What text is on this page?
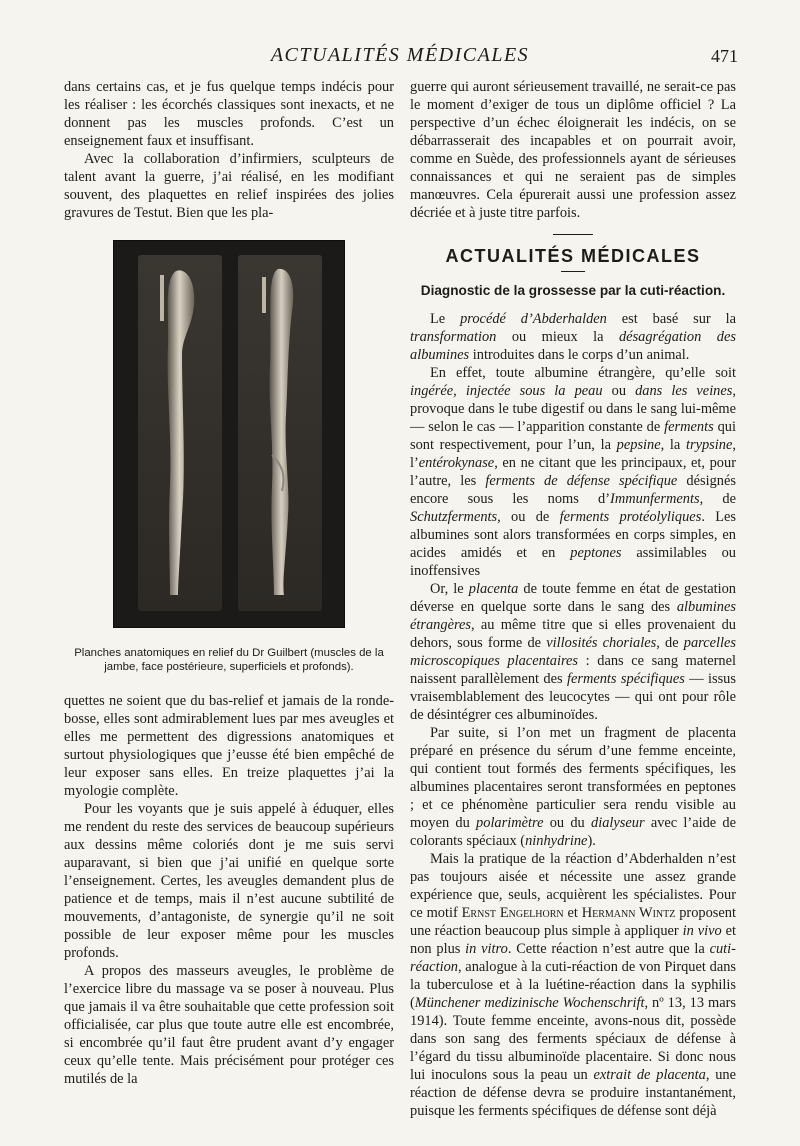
ACTUALITÉS MÉDICALES	471

dans certains cas, et je fus quelque temps indécis pour les réaliser : les écorchés classiques sont inexacts, et ne donnent pas les muscles profonds. C’est un enseignement faux et insuffisant.

Avec la collaboration d’infirmiers, sculpteurs de talent avant la guerre, j’ai réalisé, en les modifiant souvent, des plaquettes en relief inspirées des jolies gravures de Testut. Bien que les pla-

Planches anatomiques en relief du Dr Guilbert (muscles de la jambe, face postérieure, superficiels et profonds).

quettes ne soient que du bas-relief et jamais de la ronde-bosse, elles sont admirablement lues par mes aveugles et elles me permettent des digressions anatomiques et surtout physiologiques que j’eusse été bien empêché de leur exposer sans elles. En treize plaquettes j’ai la myologie complète.

Pour les voyants que je suis appelé à éduquer, elles me rendent du reste des services de beaucoup supérieurs aux dessins même coloriés dont je me suis servi auparavant, si bien que j’ai unifié en quelque sorte l’enseignement. Certes, les aveugles demandent plus de patience et de temps, mais il n’est aucune subtilité de mouvements, d’antagoniste, de synergie qu’il ne soit possible de leur exposer même pour les muscles profonds.

A propos des masseurs aveugles, le problème de l’exercice libre du massage va se poser à nouveau. Plus que jamais il va être souhaitable que cette profession soit officialisée, car plus que toute autre elle est encombrée, si encombrée qu’il faut être prudent avant d’y engager ceux qu’elle tente. Mais précisément pour protéger ces mutilés de la

guerre qui auront sérieusement travaillé, ne serait-ce pas le moment d’exiger de tous un diplôme officiel ? La perspective d’un échec éloignerait les indécis, on se débarrasserait des incapables et on pourrait avoir, comme en Suède, des professionnels ayant de sérieuses connaissances et qui ne seraient pas de simples manœuvres. Cela épurerait aussi une profession assez décriée et à juste titre parfois.

ACTUALITÉS MÉDICALES
Diagnostic de la grossesse par la cuti-réaction.

Le procédé d’Abderhalden est basé sur la transformation ou mieux la désagrégation des albumines introduites dans le corps d’un animal.

En effet, toute albumine étrangère, qu’elle soit ingérée, injectée sous la peau ou dans les veines, provoque dans le tube digestif ou dans le sang lui-même — selon le cas — l’apparition constante de ferments qui sont respectivement, pour l’un, la pepsine, la trypsine, l’entérokynase, en ne citant que les principaux, et, pour l’autre, les ferments de défense spécifique désignés encore sous les noms d’Immunferments, de Schutzferments, ou de ferments protéolyliques. Les albumines sont alors transformées en corps simples, en acides amidés et en peptones assimilables ou inoffensives

Or, le placenta de toute femme en état de gestation déverse en quelque sorte dans le sang des albumines étrangères, au même titre que si elles provenaient du dehors, sous forme de villosités choriales, de parcelles microscopiques placentaires : dans ce sang maternel naissent parallèlement des ferments spécifiques — issus vraisemblablement des leucocytes — qui ont pour rôle de désintégrer ces albuminoïdes.

Par suite, si l’on met un fragment de placenta préparé en présence du sérum d’une femme enceinte, qui contient tout formés des ferments spécifiques, les albumines placentaires seront transformées en peptones ; et ce phénomène particulier sera rendu visible au moyen du polarimètre ou du dialyseur avec l’aide de colorants spéciaux (ninhydrine).

Mais la pratique de la réaction d’Abderhalden n’est pas toujours aisée et nécessite une assez grande expérience que, seuls, acquièrent les spécialistes. Pour ce motif Ernst Engelhorn et Hermann Wintz proposent une réaction beaucoup plus simple à appliquer in vivo et non plus in vitro. Cette réaction n’est autre que la cuti-réaction, analogue à la cuti-réaction de von Pirquet dans la tuberculose et à la luétine-réaction dans la syphilis (Münchener medizinische Wochenschrift, nº 13, 13 mars 1914). Toute femme enceinte, avons-nous dit, possède dans son sang des ferments spéciaux de défense à l’égard du tissu albuminoïde placentaire. Si donc nous lui inoculons sous la peau un extrait de placenta, une réaction de défense devra se produire instantanément, puisque les ferments spécifiques de défense sont déjà
